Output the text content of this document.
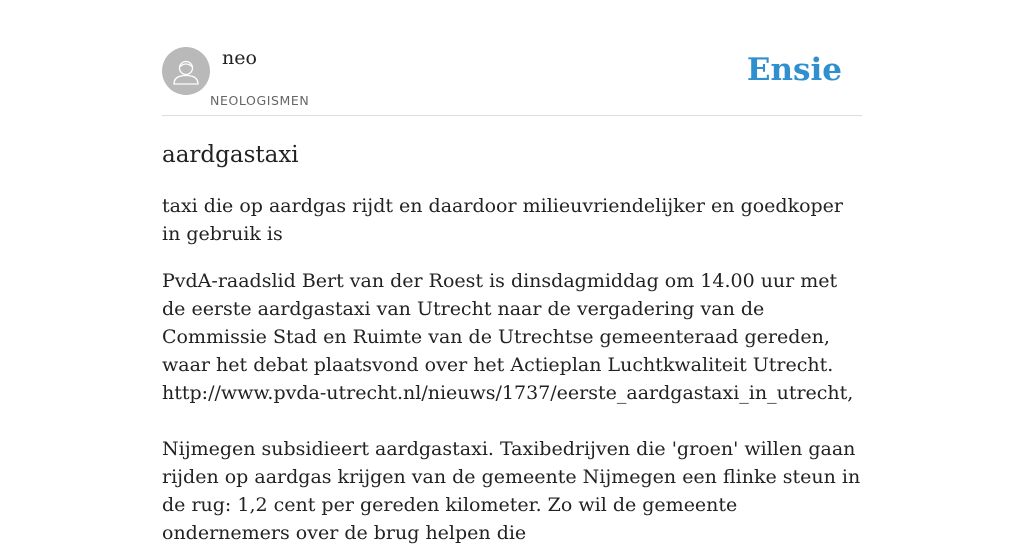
neo
NEOLOGISMEN
Ensie
aardgastaxi

taxi die op aardgas rijdt en daardoor milieuvriendelijker en goedkoper in gebruik is

PvdA-raadslid Bert van der Roest is dinsdagmiddag om 14.00 uur met de eerste aardgastaxi van Utrecht naar de vergadering van de Commissie Stad en Ruimte van de Utrechtse gemeenteraad gereden, waar het debat plaatsvond over het Actieplan Luchtkwaliteit Utrecht.

http://www.pvda-utrecht.nl/nieuws/1737/eerste_aardgastaxi_in_utrecht,

Nijmegen subsidieert aardgastaxi. Taxibedrijven die 'groen' willen gaan rijden op aardgas krijgen van de gemeente Nijmegen een flinke steun in de rug: 1,2 cent per gereden kilometer. Zo wil de gemeente ondernemers over de brug helpen die
